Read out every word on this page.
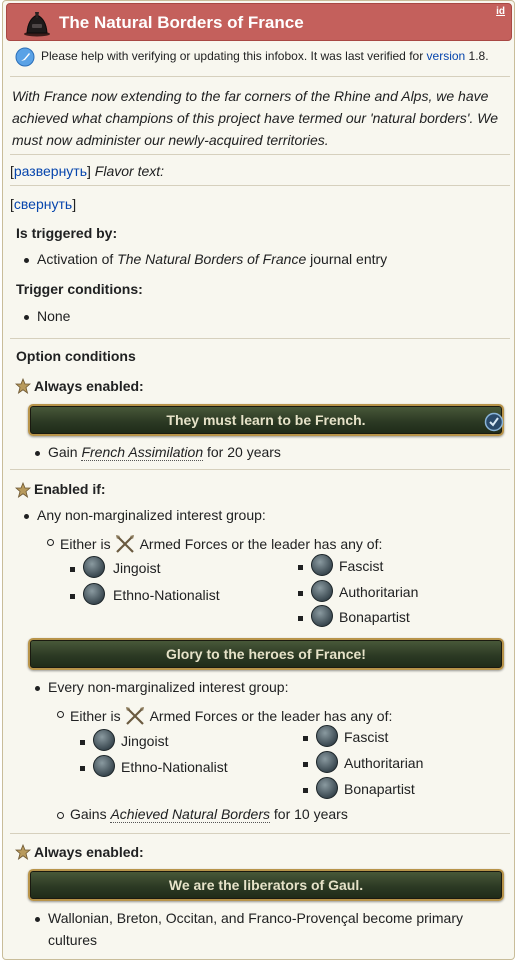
The Natural Borders of France
id
Please help with verifying or updating this infobox. It was last verified for version 1.8.
With France now extending to the far corners of the Rhine and Alps, we have achieved what champions of this project have termed our 'natural borders'. We must now administer our newly-acquired territories.
[развернуть] Flavor text:
[свернуть]
Is triggered by:
Activation of The Natural Borders of France journal entry
Trigger conditions:
None
Option conditions
Always enabled:
They must learn to be French.
Gain French Assimilation for 20 years
Enabled if:
Any non-marginalized interest group:
Either is  Armed Forces or the leader has any of:
Jingoist
Ethno-Nationalist
Fascist
Authoritarian
Bonapartist
Glory to the heroes of France!
Every non-marginalized interest group:
Either is  Armed Forces or the leader has any of:
Jingoist
Ethno-Nationalist
Fascist
Authoritarian
Bonapartist
Gains Achieved Natural Borders for 10 years
Always enabled:
We are the liberators of Gaul.
Wallonian, Breton, Occitan, and Franco-Provençal become primary
cultures
